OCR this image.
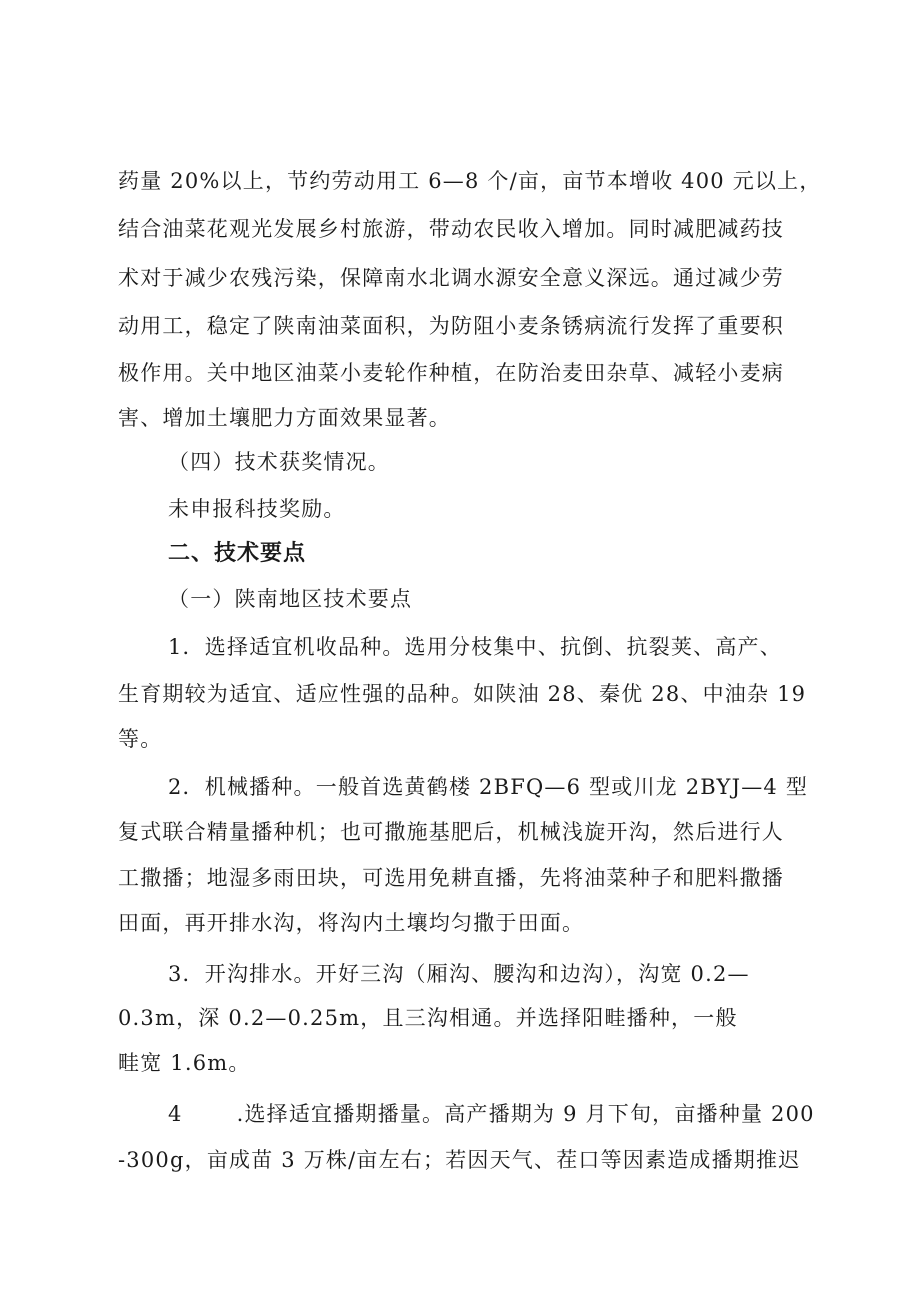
药量 20%以上，节约劳动用工 6—8 个/亩，亩节本增收 400 元以上，
结合油菜花观光发展乡村旅游，带动农民收入增加。同时减肥减药技
术对于减少农残污染，保障南水北调水源安全意义深远。通过减少劳
动用工，稳定了陕南油菜面积，为防阻小麦条锈病流行发挥了重要积
极作用。关中地区油菜小麦轮作种植，在防治麦田杂草、减轻小麦病
害、增加土壤肥力方面效果显著。
（四）技术获奖情况。
未申报科技奖励。
二、技术要点
（一）陕南地区技术要点
1．选择适宜机收品种。选用分枝集中、抗倒、抗裂荚、高产、
生育期较为适宜、适应性强的品种。如陕油 28、秦优 28、中油杂 19
等。
2．机械播种。一般首选黄鹤楼 2BFQ—6 型或川龙 2BYJ—4 型
复式联合精量播种机；也可撒施基肥后，机械浅旋开沟，然后进行人
工撒播；地湿多雨田块，可选用免耕直播，先将油菜种子和肥料撒播
田面，再开排水沟，将沟内土壤均匀撒于田面。
3．开沟排水。开好三沟（厢沟、腰沟和边沟），沟宽 0.2—
0.3m，深 0.2—0.25m，且三沟相通。并选择阳畦播种，一般
畦宽 1.6m。
4	.选择适宜播期播量。高产播期为 9 月下旬，亩播种量 200
-300g，亩成苗 3 万株/亩左右；若因天气、茬口等因素造成播期推迟
